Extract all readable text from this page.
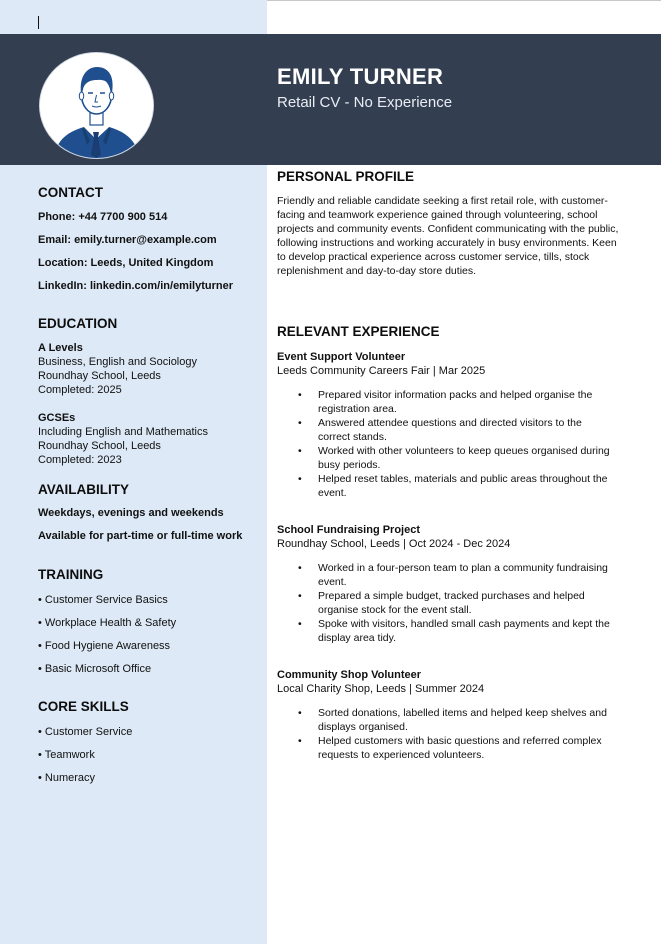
EMILY TURNER
Retail CV - No Experience
CONTACT

Phone: +44 7700 900 514

Email: emily.turner@example.com

Location: Leeds, United Kingdom

LinkedIn: linkedin.com/in/emilyturner

EDUCATION

A Levels

Business, English and Sociology

Roundhay School, Leeds

Completed: 2025

GCSEs

Including English and Mathematics

Roundhay School, Leeds

Completed: 2023

AVAILABILITY

Weekdays, evenings and weekends

Available for part-time or full-time work

TRAINING

• Customer Service Basics

• Workplace Health & Safety

• Food Hygiene Awareness

• Basic Microsoft Office

CORE SKILLS

• Customer Service

• Teamwork

• Numeracy

PERSONAL PROFILE

Friendly and reliable candidate seeking a first retail role, with customer-facing and teamwork experience gained through volunteering, school projects and community events. Confident communicating with the public, following instructions and working accurately in busy environments. Keen to develop practical experience across customer service, tills, stock replenishment and day-to-day store duties.

RELEVANT EXPERIENCE

Event Support Volunteer

Leeds Community Careers Fair | Mar 2025

• Prepared visitor information packs and helped organise the registration area.
• Answered attendee questions and directed visitors to the correct stands.
• Worked with other volunteers to keep queues organised during busy periods.
• Helped reset tables, materials and public areas throughout the event.

School Fundraising Project

Roundhay School, Leeds | Oct 2024 - Dec 2024

• Worked in a four-person team to plan a community fundraising event.
• Prepared a simple budget, tracked purchases and helped organise stock for the event stall.
• Spoke with visitors, handled small cash payments and kept the display area tidy.

Community Shop Volunteer

Local Charity Shop, Leeds | Summer 2024

• Sorted donations, labelled items and helped keep shelves and displays organised.
• Helped customers with basic questions and referred complex requests to experienced volunteers.
